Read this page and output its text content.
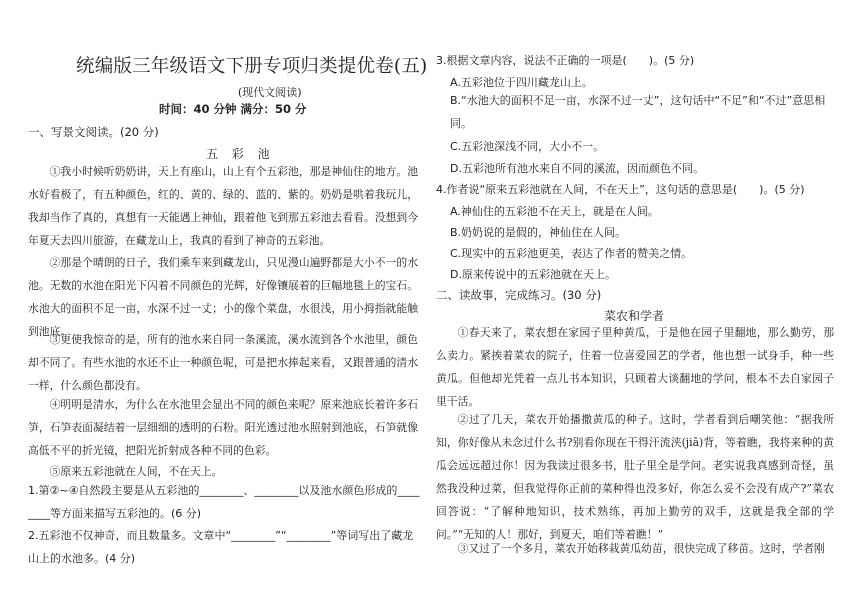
统编版三年级语文下册专项归类提优卷(五)
(现代文阅读)
时间：40 分钟 满分：50 分
一、写景文阅读。(20 分)
五 彩 池
①我小时候听奶奶讲，天上有座山，山上有个五彩池，那是神仙住的地方。池水好看极了，有五种颜色，红的、黄的、绿的、蓝的、紫的。奶奶是哄着我玩儿，我却当作了真的，真想有一天能遇上神仙，跟着他飞到那五彩池去看看。没想到今年夏天去四川旅游，在藏龙山上，我真的看到了神奇的五彩池。
②那是个晴朗的日子，我们乘车来到藏龙山，只见漫山遍野都是大小不一的水池。无数的水池在阳光下闪着不同颜色的光辉，好像镶展着的巨幅地毯上的宝石。水池大的面积不足一亩，水深不过一丈；小的像个菜盘，水很浅，用小拇指就能触到池底。
③更使我惊奇的是，所有的池水来自同一条溪流，溪水流到各个水池里，颜色却不同了。有些水池的水还不止一种颜色呢，可是把水捧起来看，又跟普通的清水一样，什么颜色都没有。
④明明是清水，为什么在水池里会显出不同的颜色来呢？原来池底长着许多石笋，石笋表面凝结着一层细细的透明的石粉。阳光透过池水照射到池底，石笋就像高低不平的折光镜，把阳光折射成各种不同的色彩。
⑤原来五彩池就在人间，不在天上。
1.第②~④自然段主要是从五彩池的________、________以及池水颜色形成的________等方面来描写五彩池的。(6 分)
2.五彩池不仅神奇，而且数量多。文章中“________”“________”等词写出了藏龙山上的水池多。(4 分)
3.根据文章内容，说法不正确的一项是(　　)。(5 分)
A.五彩池位于四川藏龙山上。
B.“水池大的面积不足一亩，水深不过一丈”，这句话中“不足”和“不过”意思相同。
C.五彩池深浅不同，大小不一。
D.五彩池所有池水来自不同的溪流，因而颜色不同。
4.作者说“原来五彩池就在人间，不在天上”，这句话的意思是(　　)。(5 分)
A.神仙住的五彩池不在天上，就是在人间。
B.奶奶说的是假的，神仙住在人间。
C.现实中的五彩池更美，表达了作者的赞美之情。
D.原来传说中的五彩池就在天上。
二、读故事，完成练习。(30 分)
菜农和学者
①春天来了，菜农想在家园子里种黄瓜，于是他在园子里翻地，那么勤劳，那么卖力。紧挨着菜农的院子，住着一位喜爱园艺的学者，他也想一试身手，种一些黄瓜。但他却光凭着一点儿书本知识，只顾着大谈翻地的学问，根本不去自家园子里干活。
②过了几天，菜农开始播撒黄瓜的种子。这时，学者看到后嘲笑他：“据我所知，你好像从未念过什么书?别看你现在干得汗流浃(jiā)背，等着瞧，我将来种的黄瓜会远远超过你！因为我读过很多书，肚子里全是学问。老实说我真感到奇怪，虽然我没种过菜，但我觉得你正前的菜种得也没多好，你怎么妥不会没有成产?”菜农回答说：“了解种地知识，技术熟练，再加上勤劳的双手，这就是我全部的学问。”“无知的人！那好，到夏天，咱们等着瞧！”
③又过了一个多月，菜农开始移栽黄瓜幼苗，很快完成了移苗。这时，学者刚
